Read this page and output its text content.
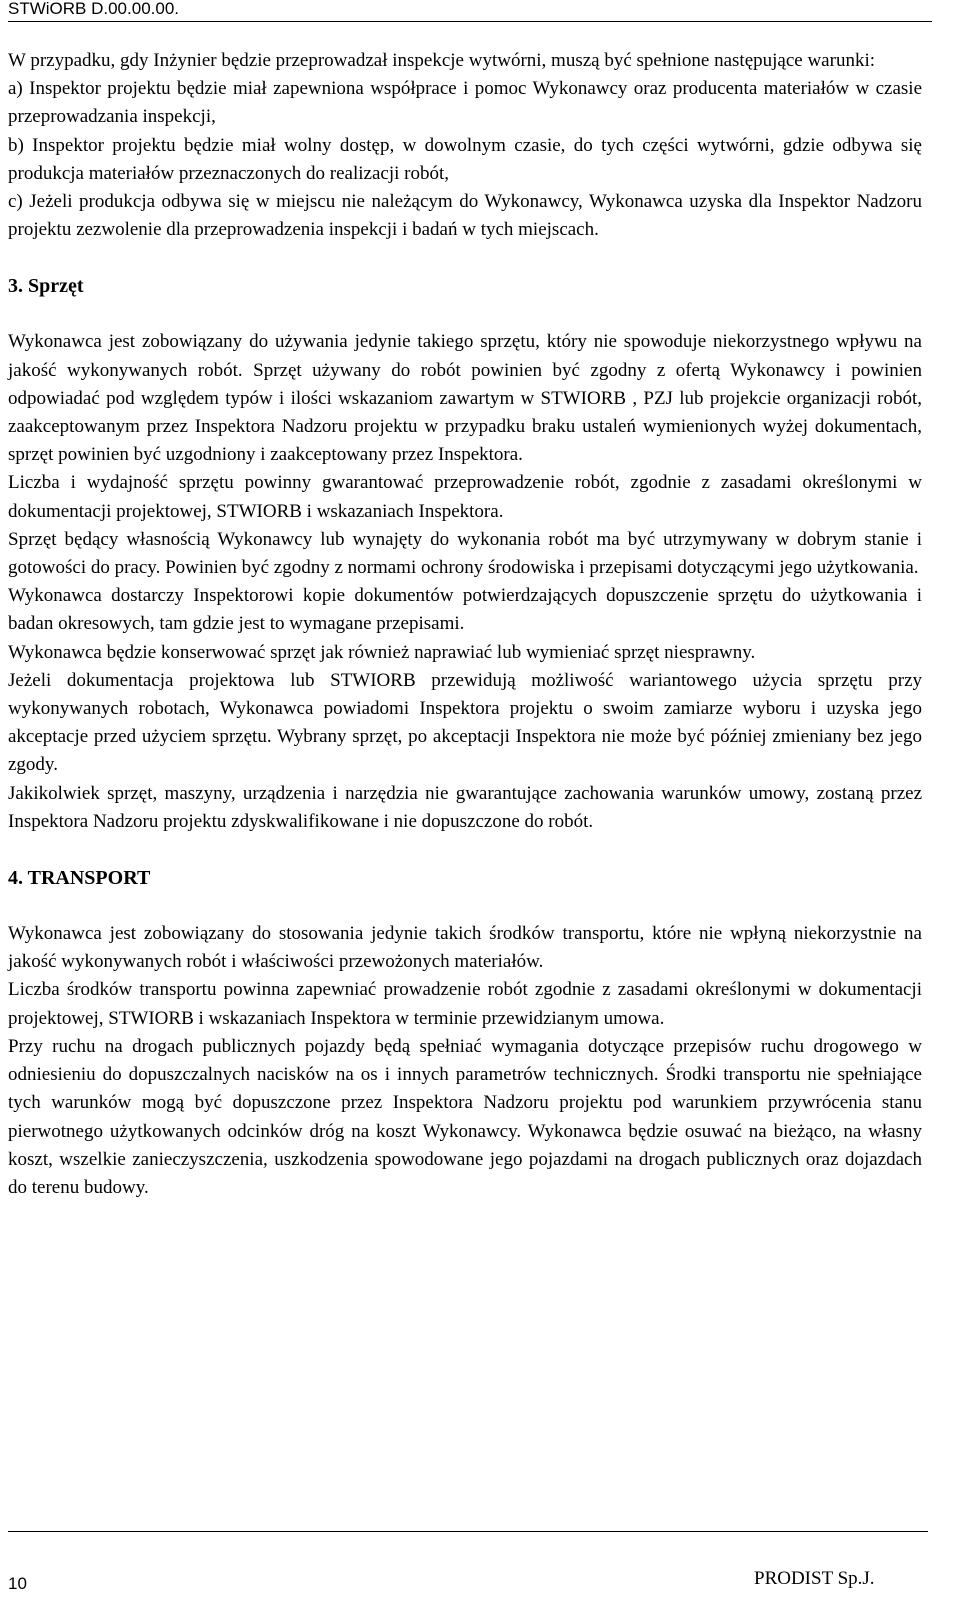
STWiORB D.00.00.00.

W przypadku, gdy Inżynier będzie przeprowadzał inspekcje wytwórni, muszą być spełnione następujące warunki:

a) Inspektor projektu będzie miał zapewniona współprace i pomoc Wykonawcy oraz producenta materiałów w czasie przeprowadzania inspekcji,

b) Inspektor projektu będzie miał wolny dostęp, w dowolnym czasie, do tych części wytwórni, gdzie odbywa się produkcja materiałów przeznaczonych do realizacji robót,

c) Jeżeli produkcja odbywa się w miejscu nie należącym do Wykonawcy, Wykonawca uzyska dla Inspektor Nadzoru projektu zezwolenie dla przeprowadzenia inspekcji i badań w tych miejscach.

3. Sprzęt

Wykonawca jest zobowiązany do używania jedynie takiego sprzętu, który nie spowoduje niekorzystnego wpływu na jakość wykonywanych robót. Sprzęt używany do robót powinien być zgodny z ofertą Wykonawcy i powinien odpowiadać pod względem typów i ilości wskazaniom zawartym w STWIORB , PZJ lub projekcie organizacji robót, zaakceptowanym przez Inspektora Nadzoru projektu w przypadku braku ustaleń wymienionych wyżej dokumentach, sprzęt powinien być uzgodniony i zaakceptowany przez Inspektora.

Liczba i wydajność sprzętu powinny gwarantować przeprowadzenie robót, zgodnie z zasadami określonymi w dokumentacji projektowej, STWIORB i wskazaniach Inspektora.

Sprzęt będący własnością Wykonawcy lub wynajęty do wykonania robót ma być utrzymywany w dobrym stanie i gotowości do pracy. Powinien być zgodny z normami ochrony środowiska i przepisami dotyczącymi jego użytkowania.

Wykonawca dostarczy Inspektorowi kopie dokumentów potwierdzających dopuszczenie sprzętu do użytkowania i badan okresowych, tam gdzie jest to wymagane przepisami.

Wykonawca będzie konserwować sprzęt jak również naprawiać lub wymieniać sprzęt niesprawny.

Jeżeli dokumentacja projektowa lub STWIORB przewidują możliwość wariantowego użycia sprzętu przy wykonywanych robotach, Wykonawca powiadomi Inspektora projektu o swoim zamiarze wyboru i uzyska jego akceptacje przed użyciem sprzętu. Wybrany sprzęt, po akceptacji Inspektora nie może być później zmieniany bez jego zgody.

Jakikolwiek sprzęt, maszyny, urządzenia i narzędzia nie gwarantujące zachowania warunków umowy, zostaną przez Inspektora Nadzoru projektu zdyskwalifikowane i nie dopuszczone do robót.

4. TRANSPORT

Wykonawca jest zobowiązany do stosowania jedynie takich środków transportu, które nie wpłyną niekorzystnie na jakość wykonywanych robót i właściwości przewożonych materiałów.

Liczba środków transportu powinna zapewniać prowadzenie robót zgodnie z zasadami określonymi w dokumentacji projektowej, STWIORB i wskazaniach Inspektora w terminie przewidzianym umowa.

Przy ruchu na drogach publicznych pojazdy będą spełniać wymagania dotyczące przepisów ruchu drogowego w odniesieniu do dopuszczalnych nacisków na os i innych parametrów technicznych. Środki transportu nie spełniające tych warunków mogą być dopuszczone przez Inspektora Nadzoru projektu pod warunkiem przywrócenia stanu pierwotnego użytkowanych odcinków dróg na koszt Wykonawcy. Wykonawca będzie osuwać na bieżąco, na własny koszt, wszelkie zanieczyszczenia, uszkodzenia spowodowane jego pojazdami na drogach publicznych oraz dojazdach do terenu budowy.

10	PRODIST Sp.J.
